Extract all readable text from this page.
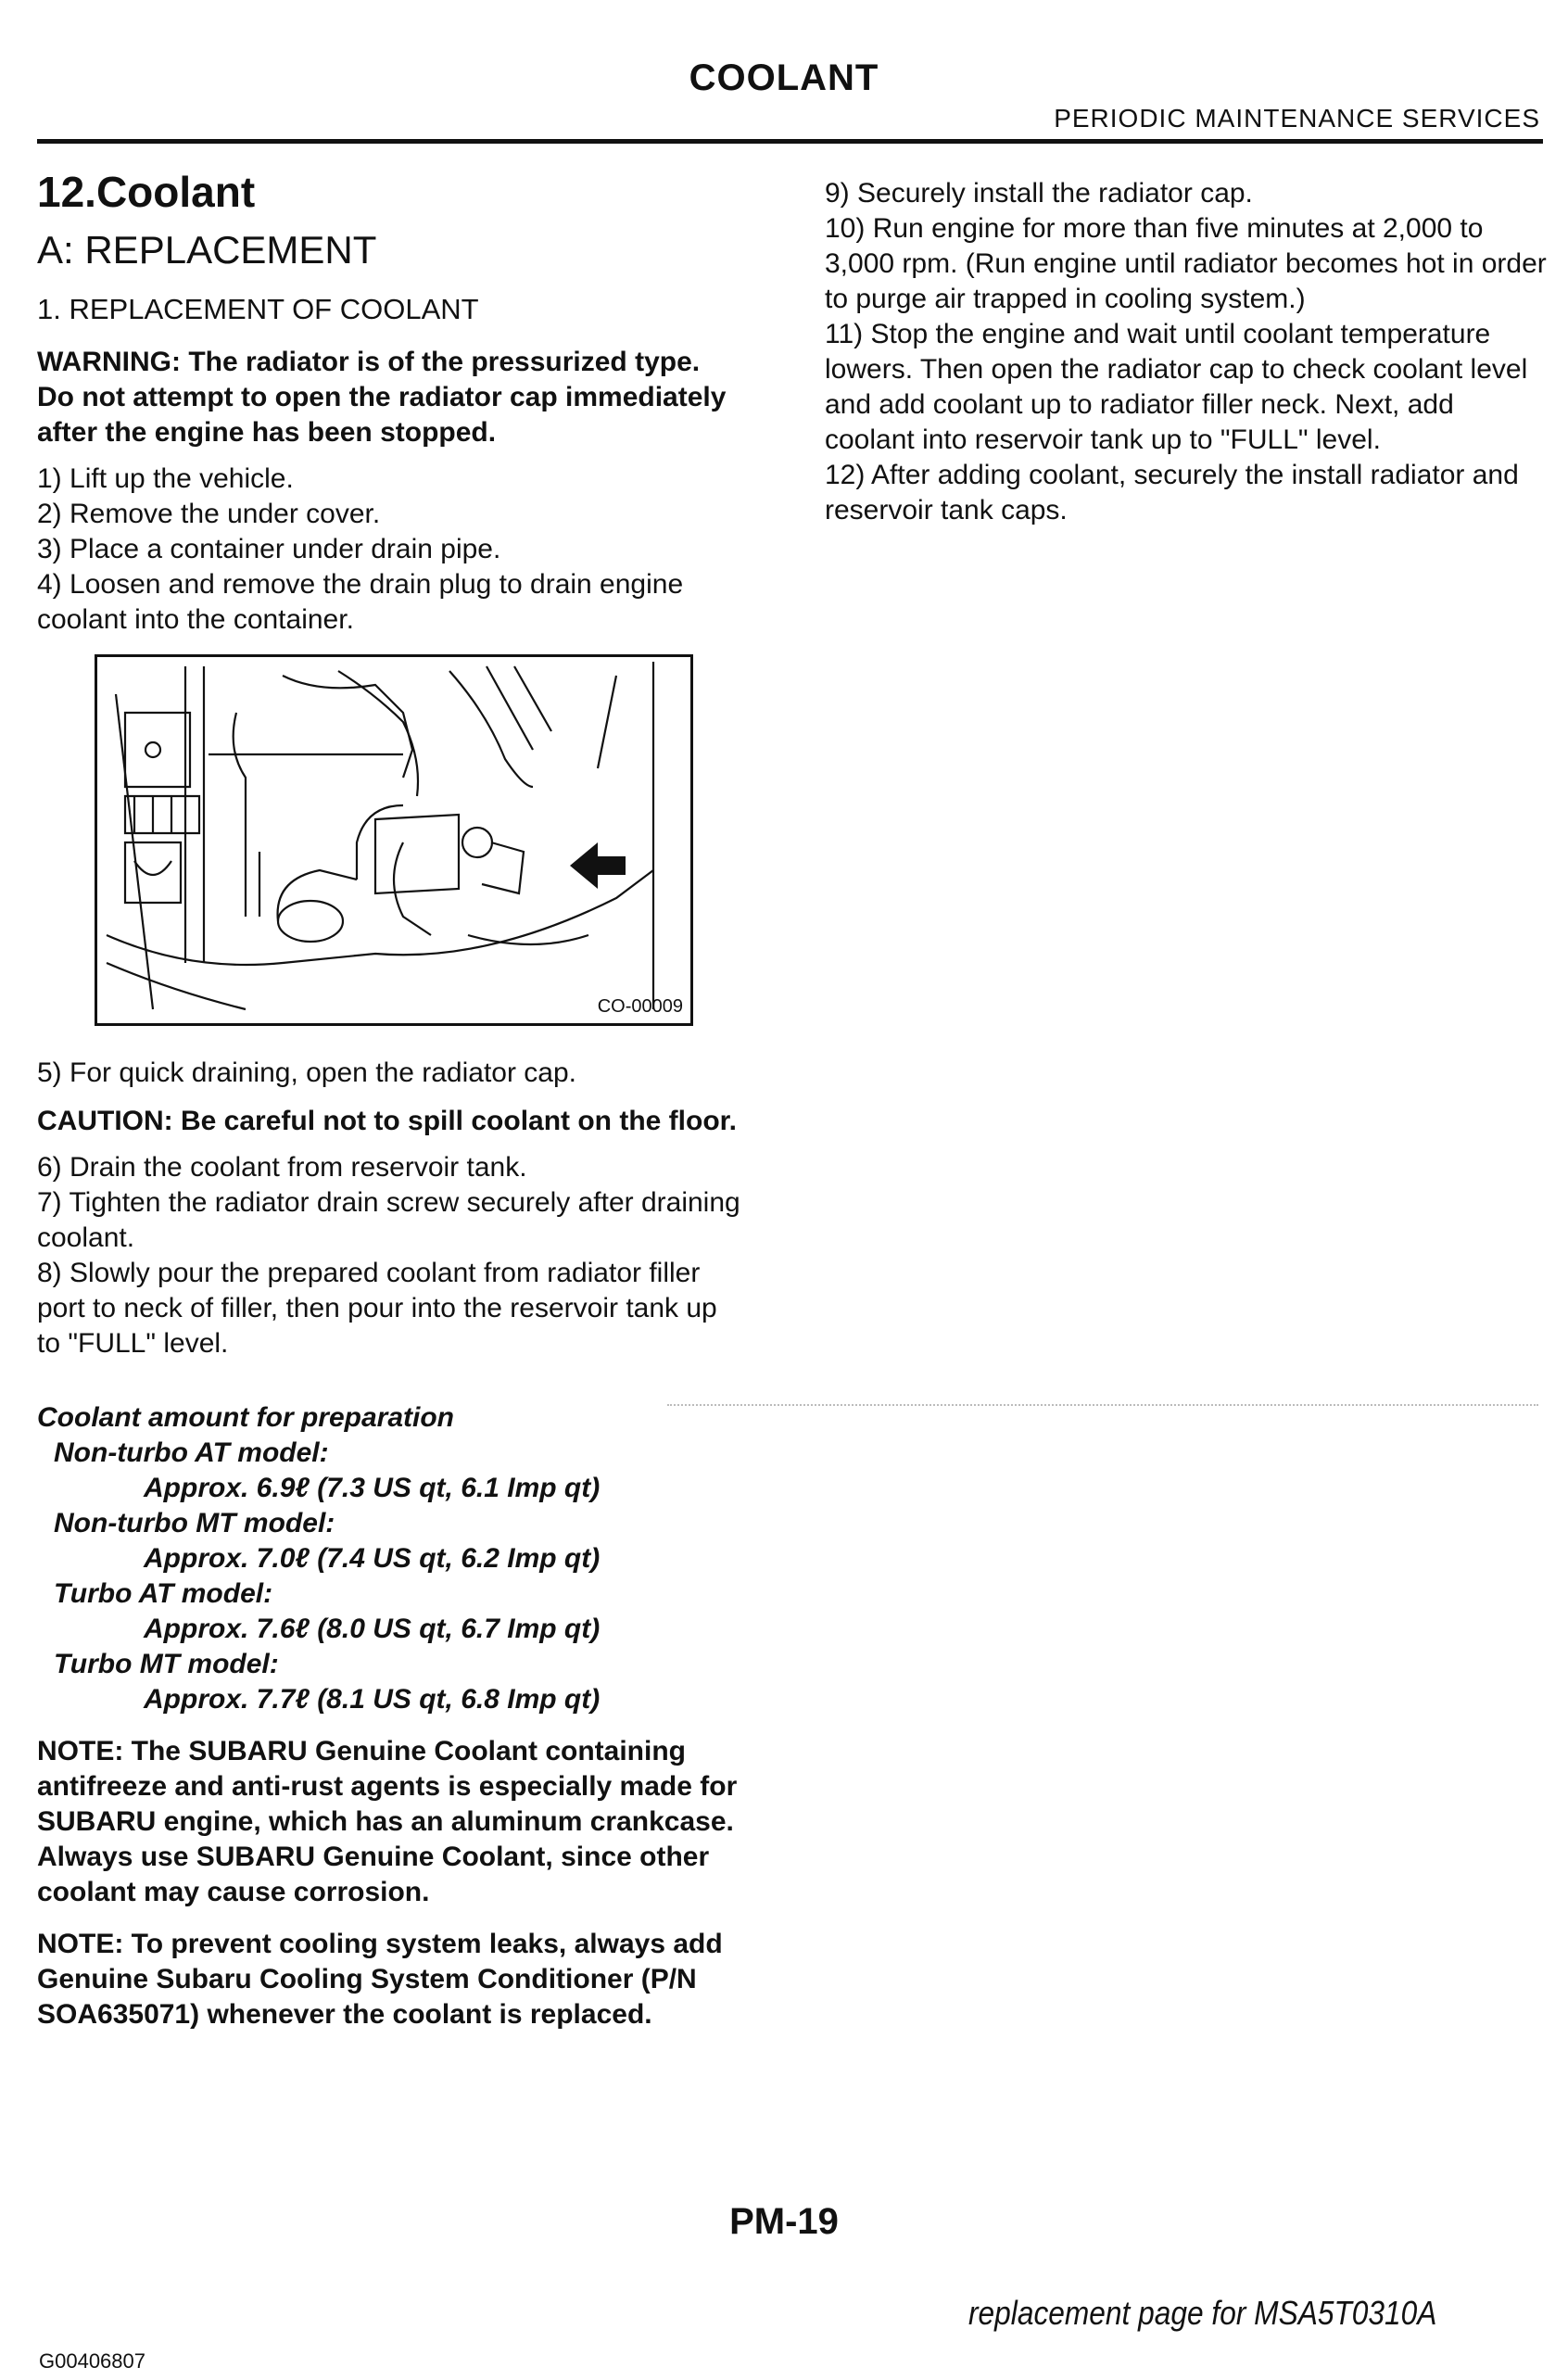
COOLANT
PERIODIC MAINTENANCE SERVICES
12.Coolant
A: REPLACEMENT
1. REPLACEMENT OF COOLANT
WARNING: The radiator is of the pressurized type. Do not attempt to open the radiator cap immediately after the engine has been stopped.

1) Lift up the vehicle.

2) Remove the under cover.

3) Place a container under drain pipe.

4) Loosen and remove the drain plug to drain engine coolant into the container.

CO-00009

5) For quick draining, open the radiator cap.

CAUTION: Be careful not to spill coolant on the floor.

6) Drain the coolant from reservoir tank.

7) Tighten the radiator drain screw securely after draining coolant.

8) Slowly pour the prepared coolant from radiator filler port to neck of filler, then pour into the reservoir tank up to "FULL" level.

Coolant amount for preparation
Non-turbo AT model:
Approx. 6.9ℓ (7.3 US qt, 6.1 Imp qt)
Non-turbo MT model:
Approx. 7.0ℓ (7.4 US qt, 6.2 Imp qt)
Turbo AT model:
Approx. 7.6ℓ (8.0 US qt, 6.7 Imp qt)
Turbo MT model:
Approx. 7.7ℓ (8.1 US qt, 6.8 Imp qt)
NOTE: The SUBARU Genuine Coolant containing antifreeze and anti-rust agents is especially made for SUBARU engine, which has an aluminum crankcase. Always use SUBARU Genuine Coolant, since other coolant may cause corrosion.
NOTE: To prevent cooling system leaks, always add Genuine Subaru Cooling System Conditioner (P/N SOA635071) whenever the coolant is replaced.

9) Securely install the radiator cap.

10) Run engine for more than five minutes at 2,000 to 3,000 rpm. (Run engine until radiator becomes hot in order to purge air trapped in cooling system.)

11) Stop the engine and wait until coolant temperature lowers. Then open the radiator cap to check coolant level and add coolant up to radiator filler neck. Next, add coolant into reservoir tank up to "FULL" level.

12) After adding coolant, securely the install radiator and reservoir tank caps.

PM-19
replacement page for MSA5T0310A
G00406807
